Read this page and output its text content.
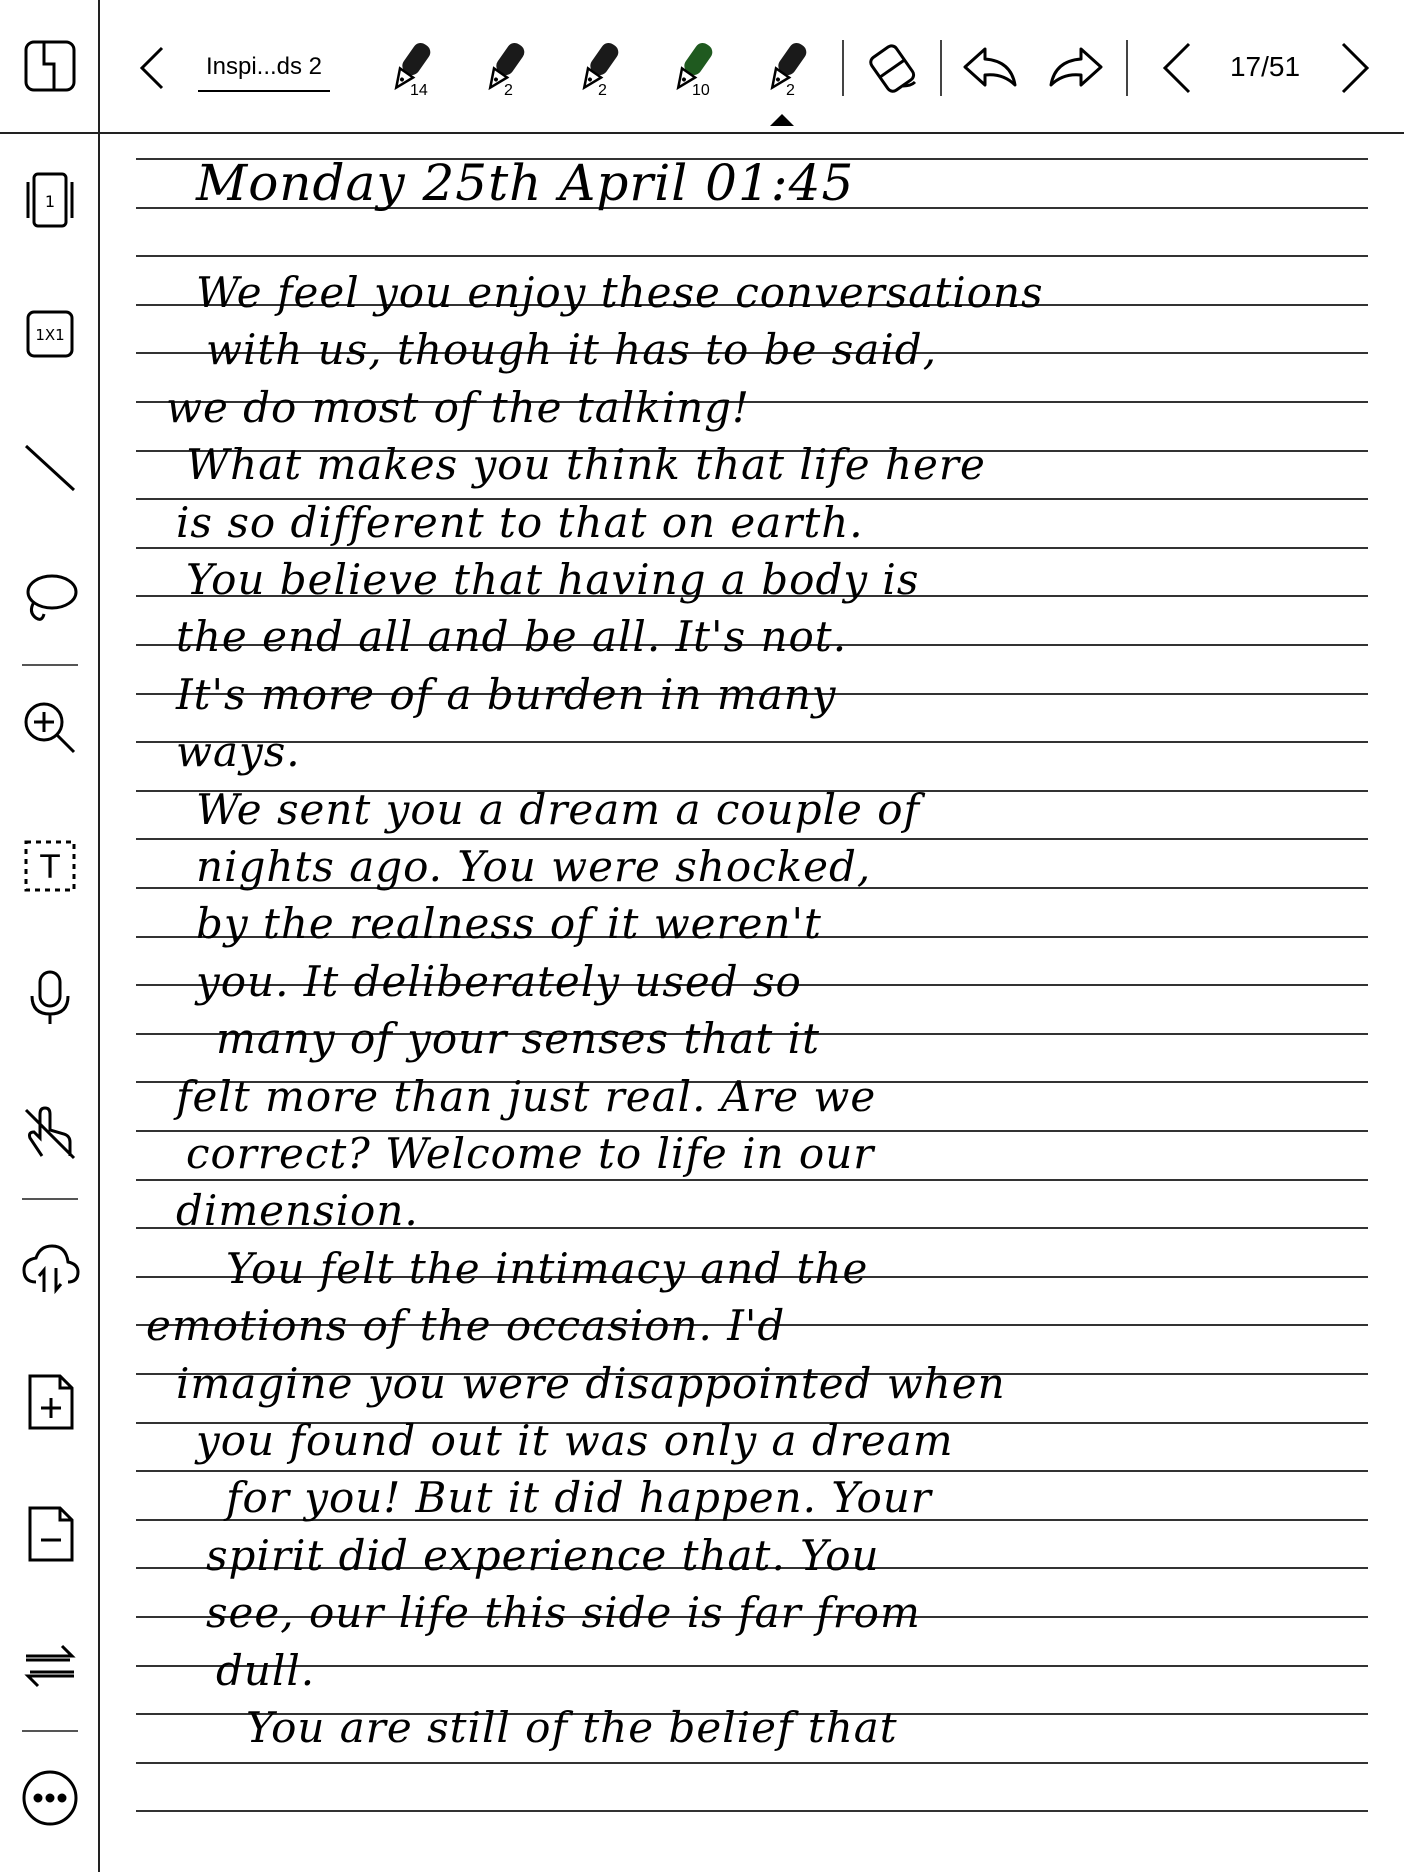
Inspi...ds 2
14	2	2	10	2
17/51
1
1X1
T
Monday 25th April 01:45
We feel you enjoy these conversations
with us, though it has to be said,
we do most of the talking!
What makes you think that life here
is so different to that on earth.
You believe that having a body is
the end all and be all. It's not.
It's more of a burden in many
ways.
We sent you a dream a couple of
nights ago. You were shocked,
by the realness of it weren't
you. It deliberately used so
many of your senses that it
felt more than just real. Are we
correct? Welcome to life in our
dimension.
You felt the intimacy and the
emotions of the occasion. I'd
imagine you were disappointed when
you found out it was only a dream
for you! But it did happen. Your
spirit did experience that. You
see, our life this side is far from
dull.
You are still of the belief that
